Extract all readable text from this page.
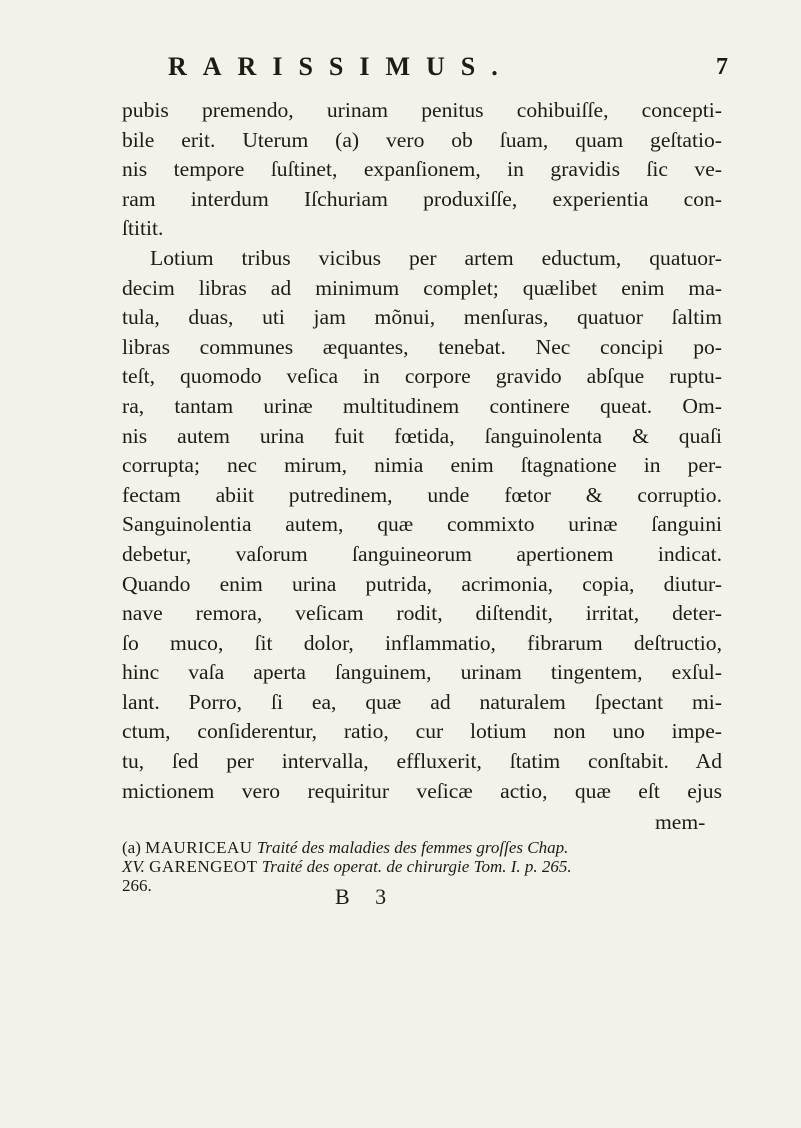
RARISSIMUS.	7
pubis premendo, urinam penitus cohibuiſſe, concepti-
bile erit. Uterum (a) vero ob ſuam, quam geſtatio-
nis tempore ſuſtinet, expanſionem, in gravidis ſic ve-
ram interdum Iſchuriam produxiſſe, experientia con-
ſtitit.
Lotium tribus vicibus per artem eductum, quatuor-
decim libras ad minimum complet; quælibet enim ma-
tula, duas, uti jam mõnui, menſuras, quatuor ſaltim
libras communes æquantes, tenebat. Nec concipi po-
teſt, quomodo veſica in corpore gravido abſque ruptu-
ra, tantam urinæ multitudinem continere queat. Om-
nis autem urina fuit fœtida, ſanguinolenta & quaſi
corrupta; nec mirum, nimia enim ſtagnatione in per-
fectam abiit putredinem, unde fœtor & corruptio.
Sanguinolentia autem, quæ commixto urinæ ſanguini
debetur, vaſorum ſanguineorum apertionem indicat.
Quando enim urina putrida, acrimonia, copia, diutur-
nave remora, veſicam rodit, diſtendit, irritat, deter-
ſo muco, ſit dolor, inflammatio, fibrarum deſtructio,
hinc vaſa aperta ſanguinem, urinam tingentem, exſul-
lant. Porro, ſi ea, quæ ad naturalem ſpectant mi-
ctum, conſiderentur, ratio, cur lotium non uno impe-
tu, ſed per intervalla, effluxerit, ſtatim conſtabit. Ad
mictionem vero requiritur veſicæ actio, quæ eſt ejus
mem-
(a) MAURICEAU Traité des maladies des femmes groſſes Chap.
XV. GARENGEOT Traité des operat. de chirurgie Tom. I. p. 265.
266.	B 3
